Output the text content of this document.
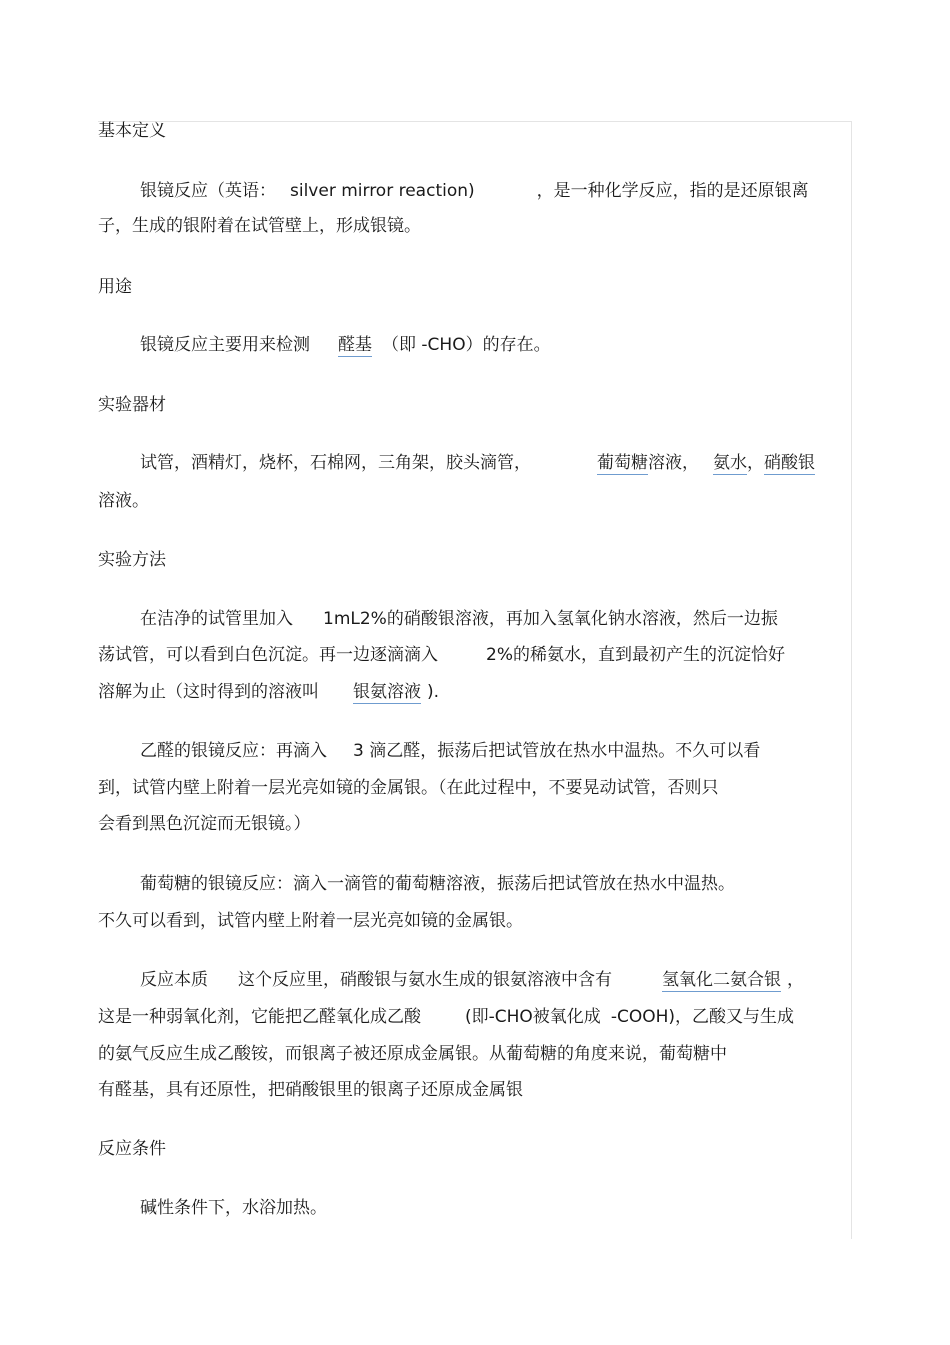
基本定义
银镜反应（英语： silver mirror reaction)	，是一种化学反应，指的是还原银离
子，生成的银附着在试管壁上，形成银镜。
用途
银镜反应主要用来检测 醛基 （即 -CHO）的存在。
实验器材
试管，酒精灯，烧杯，石棉网，三角架，胶头滴管，	葡萄糖溶液， 氨水，硝酸银
溶液。
实验方法
在洁净的试管里加入 1mL2%的硝酸银溶液，再加入氢氧化钠水溶液，然后一边振
荡试管，可以看到白色沉淀。再一边逐滴滴入	2%的稀氨水，直到最初产生的沉淀恰好
溶解为止（这时得到的溶液叫 银氨溶液 ).
乙醛的银镜反应：再滴入 3 滴乙醛，振荡后把试管放在热水中温热。不久可以看
到，试管内壁上附着一层光亮如镜的金属银。（在此过程中，不要晃动试管，否则只
会看到黑色沉淀而无银镜。）
葡萄糖的银镜反应：滴入一滴管的葡萄糖溶液，振荡后把试管放在热水中温热。
不久可以看到，试管内壁上附着一层光亮如镜的金属银。
反应本质 这个反应里，硝酸银与氨水生成的银氨溶液中含有	氢氧化二氨合银 ，
这是一种弱氧化剂，它能把乙醛氧化成乙酸	(即-CHO被氧化成 -COOH)，乙酸又与生成
的氨气反应生成乙酸铵，而银离子被还原成金属银。从葡萄糖的角度来说，葡萄糖中
有醛基，具有还原性，把硝酸银里的银离子还原成金属银
反应条件
碱性条件下，水浴加热。
